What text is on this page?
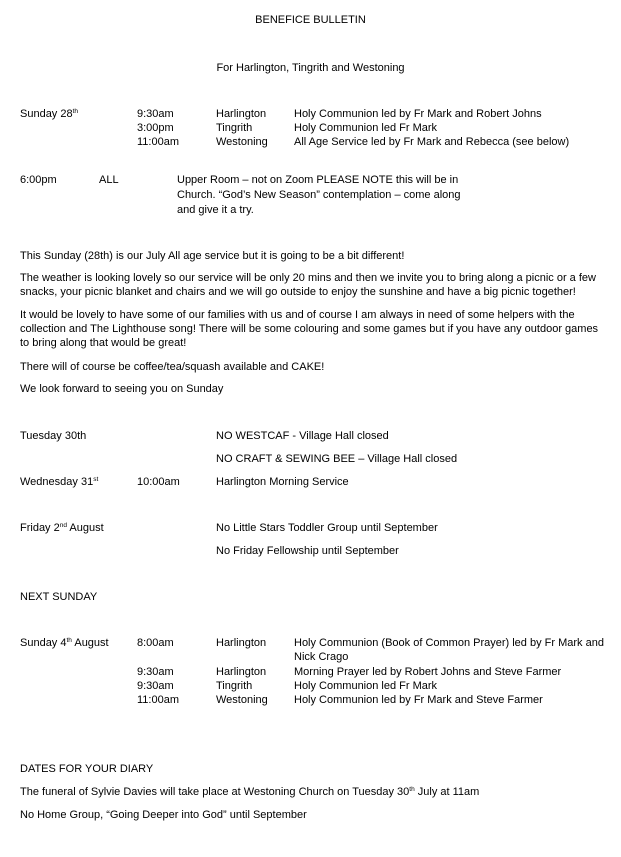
BENEFICE BULLETIN
For Harlington, Tingrith and Westoning
Sunday 28th	9:30am	Harlington	Holy Communion led by Fr Mark and Robert Johns
3:00pm	Tingrith	Holy Communion led Fr Mark
11:00am	Westoning All Age Service led by Fr Mark and Rebecca (see below)
6:00pm	ALL	Upper Room – not on Zoom PLEASE NOTE this will be in Church. “God’s New Season” contemplation – come along and give it a try.
This Sunday (28th) is our July All age service but it is going to be a bit different!
The weather is looking lovely so our service will be only 20 mins and then we invite you to bring along a picnic or a few snacks, your picnic blanket and chairs and we will go outside to enjoy the sunshine and have a big picnic together!
It would be lovely to have some of our families with us and of course I am always in need of some helpers with the collection and The Lighthouse song! There will be some colouring and some games but if you have any outdoor games to bring along that would be great!
There will of course be coffee/tea/squash available and CAKE!
We look forward to seeing you on Sunday
Tuesday 30th	NO WESTCAF - Village Hall closed
NO CRAFT & SEWING BEE – Village Hall closed
Wednesday 31st	10:00am	Harlington Morning Service
Friday 2nd August	No Little Stars Toddler Group until September
No Friday Fellowship until September
NEXT SUNDAY
Sunday 4th August	8:00am	Harlington	Holy Communion (Book of Common Prayer) led by Fr Mark and Nick Crago
9:30am	Harlington	Morning Prayer led by Robert Johns and Steve Farmer
9:30am	Tingrith	Holy Communion led Fr Mark
11:00am	Westoning Holy Communion led by Fr Mark and Steve Farmer
DATES FOR YOUR DIARY
The funeral of Sylvie Davies will take place at Westoning Church on Tuesday 30th July at 11am
No Home Group, “Going Deeper into God” until September
